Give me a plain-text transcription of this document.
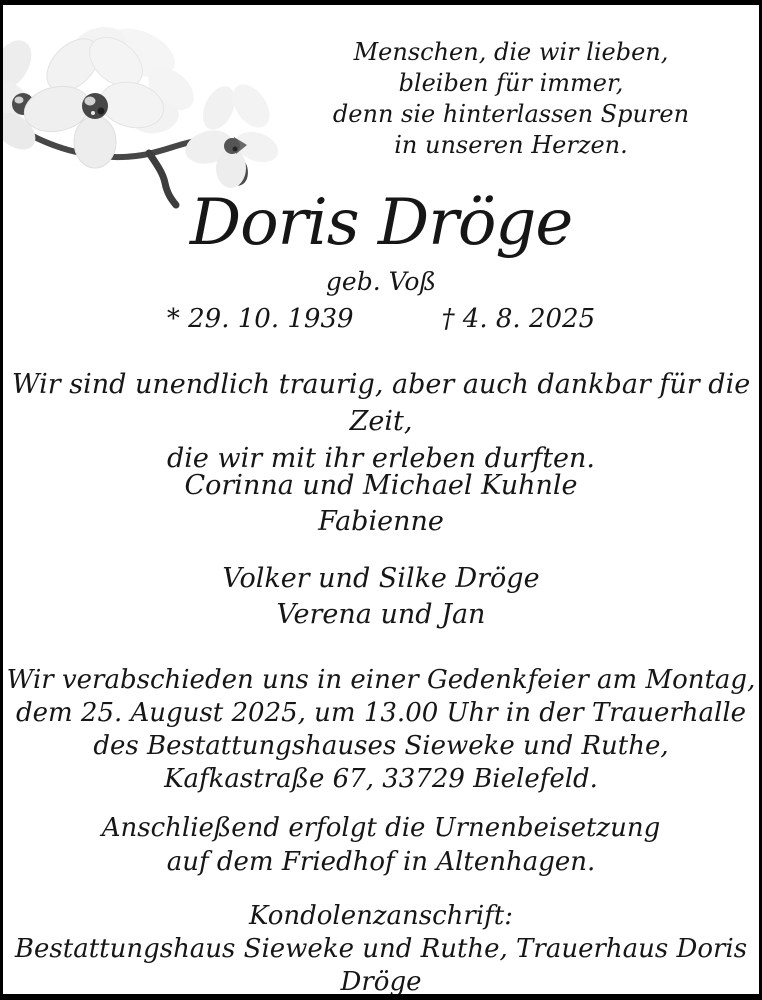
Menschen, die wir lieben,
bleiben für immer,
denn sie hinterlassen Spuren
in unseren Herzen.
Doris Dröge
geb. Voß
* 29. 10. 1939	† 4. 8. 2025
Wir sind unendlich traurig, aber auch dankbar für die Zeit,
die wir mit ihr erleben durften.
Corinna und Michael Kuhnle
Fabienne
Volker und Silke Dröge
Verena und Jan
Wir verabschieden uns in einer Gedenkfeier am Montag,
dem 25. August 2025, um 13.00 Uhr in der Trauerhalle
des Bestattungshauses Sieweke und Ruthe,
Kafkastraße 67, 33729 Bielefeld.
Anschließend erfolgt die Urnenbeisetzung
auf dem Friedhof in Altenhagen.
Kondolenzanschrift:
Bestattungshaus Sieweke und Ruthe, Trauerhaus Doris Dröge
